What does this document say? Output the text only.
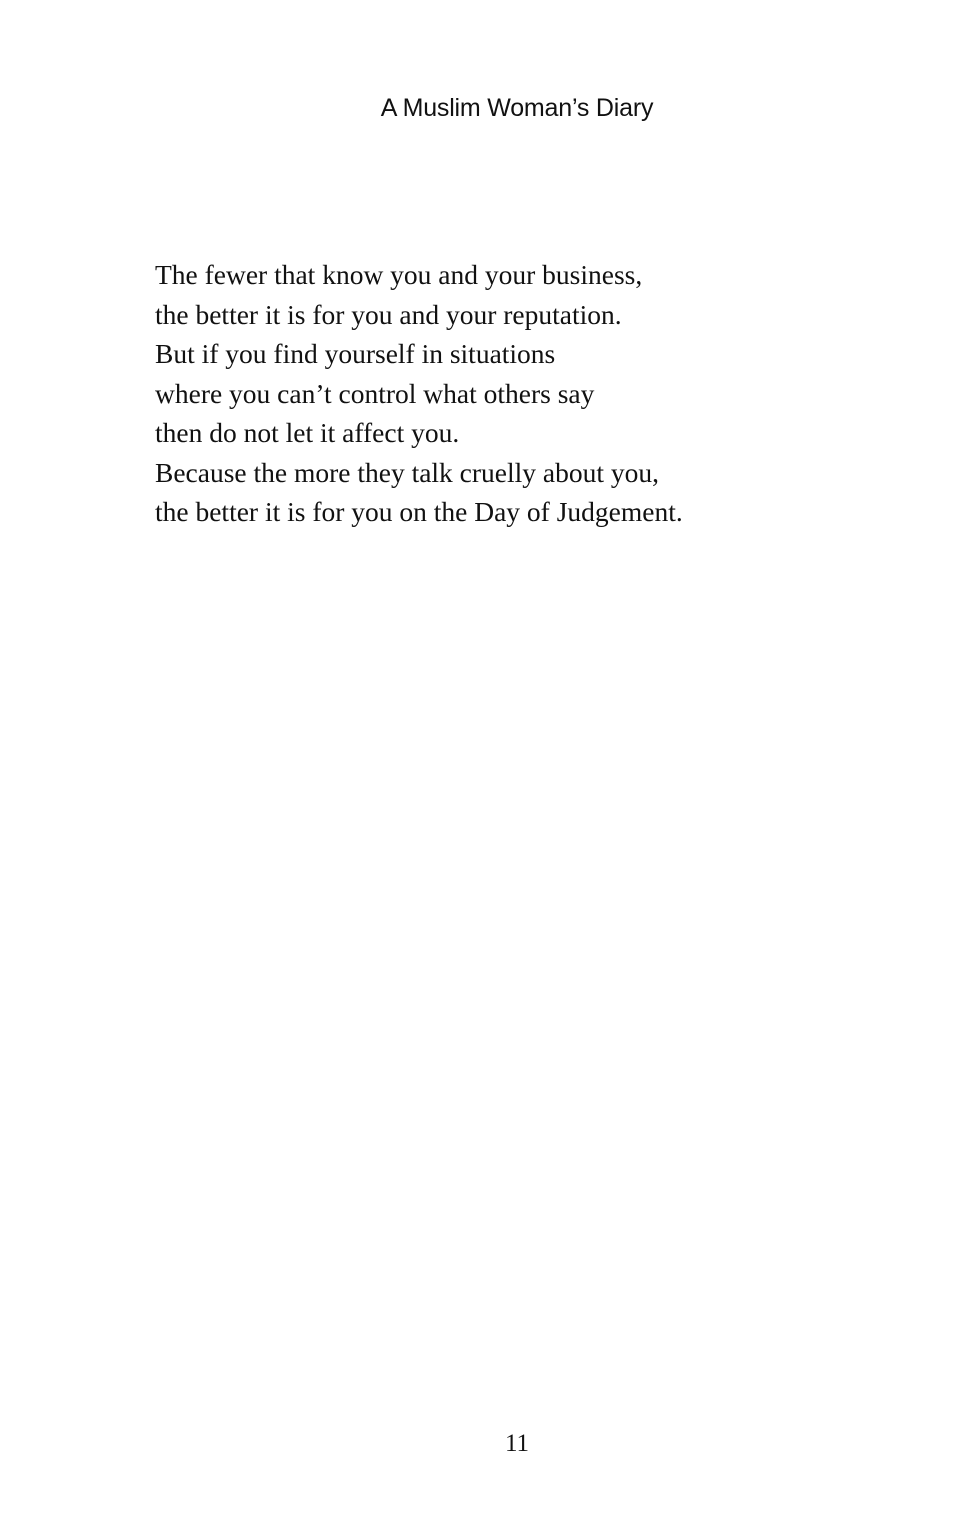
A Muslim Woman’s Diary
The fewer that know you and your business,
the better it is for you and your reputation.
But if you find yourself in situations
where you can’t control what others say
then do not let it affect you.
Because the more they talk cruelly about you,
the better it is for you on the Day of Judgement.
11
